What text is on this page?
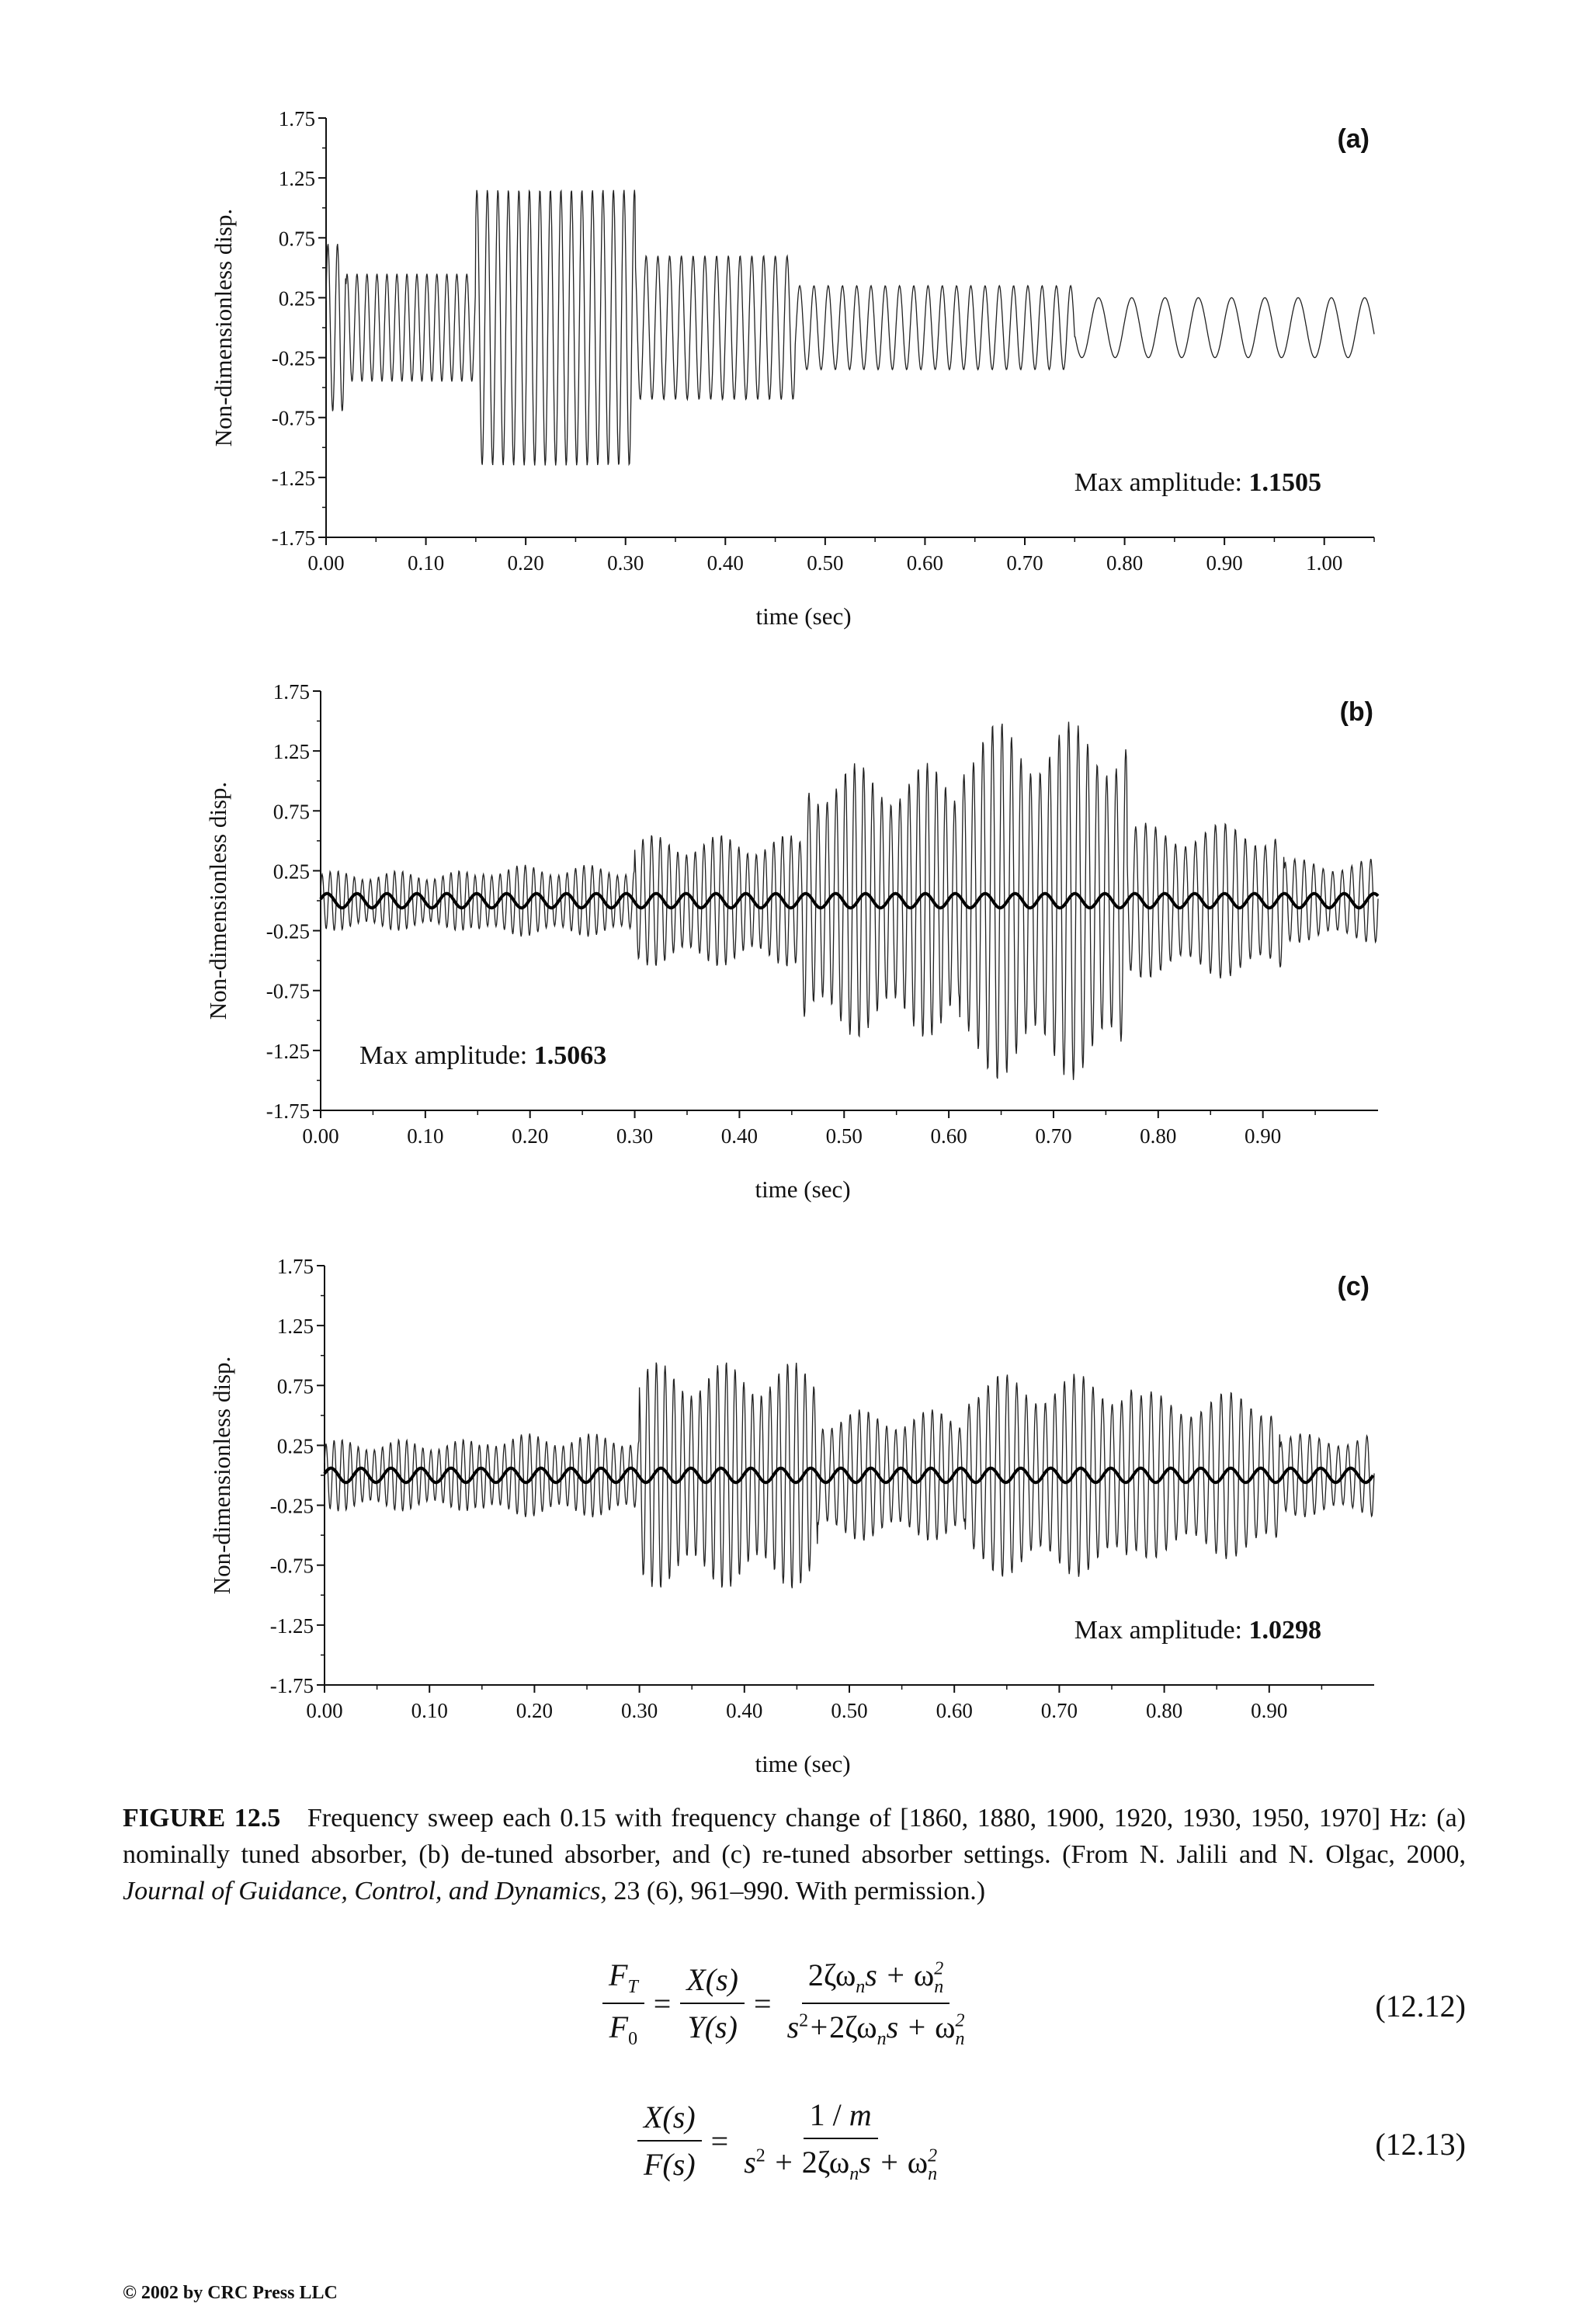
1.75
1.25
0.75
0.25
-0.25
-0.75
-1.25
-1.75
0.00	0.10	0.20	0.30	0.40	0.50	0.60	0.70	0.80	0.90	1.00
time (sec)
Non-dimensionless disp.
(a)
Max amplitude: 1.1505
1.75
1.25
0.75
0.25
-0.25
-0.75
-1.25
-1.75
0.00	0.10	0.20	0.30	0.40	0.50	0.60	0.70	0.80	0.90
time (sec)
Non-dimensionless disp.
(b)
Max amplitude: 1.5063
1.75
1.25
0.75
0.25
-0.25
-0.75
-1.25
-1.75
0.00	0.10	0.20	0.30	0.40	0.50	0.60	0.70	0.80	0.90
time (sec)
Non-dimensionless disp.
(c)
Max amplitude: 1.0298
FIGURE 12.5 Frequency sweep each 0.15 with frequency change of [1860, 1880, 1900, 1920, 1930, 1950, 1970] Hz: (a) nominally tuned absorber, (b) de-tuned absorber, and (c) re-tuned absorber settings. (From N. Jalili and N. Olgac, 2000, Journal of Guidance, Control, and Dynamics, 23 (6), 961–990. With permission.)
$\frac{F_T}{F_0} = \frac{X(s)}{Y(s)} = \frac{2\zeta\omega_ns + \omega^2_n}{s^2+2\zeta\omega_ns + \omega^2_n}$	(12.12)
$\frac{X(s)}{F(s)} = \frac{1 / m}{s^2 + 2\zeta\omega_ns + \omega^2_n}$	(12.13)
© 2002 by CRC Press LLC
